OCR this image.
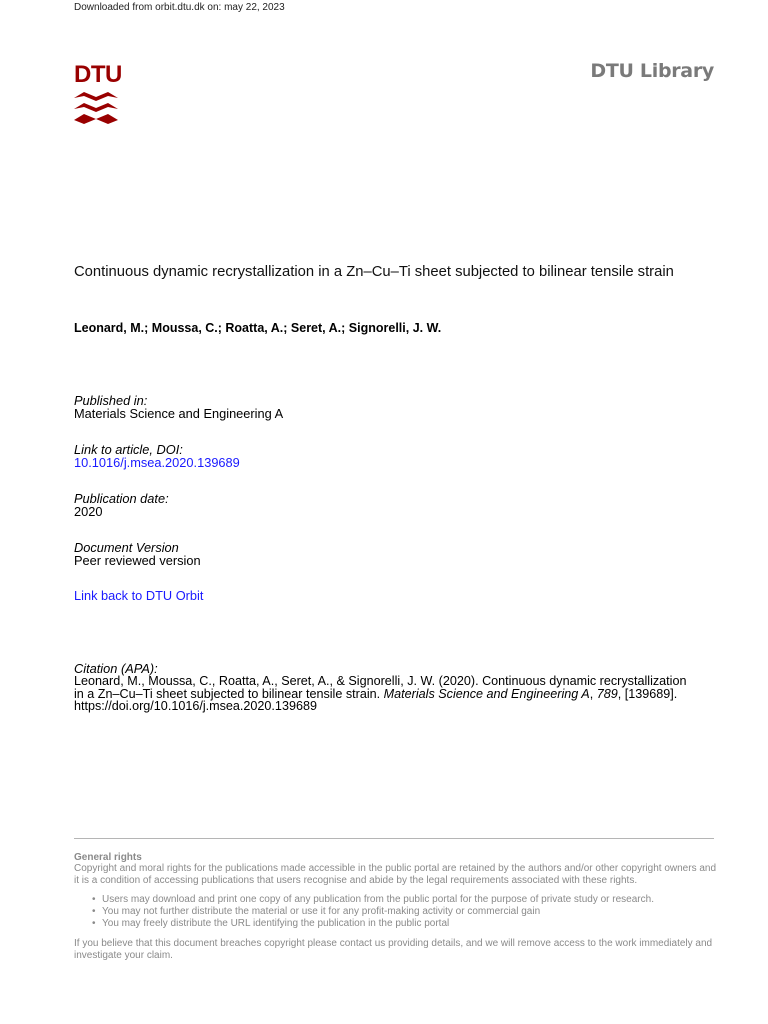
Downloaded from orbit.dtu.dk on: may 22, 2023
DTU	DTU Library
Continuous dynamic recrystallization in a Zn–Cu–Ti sheet subjected to bilinear tensile strain
Leonard, M.; Moussa, C.; Roatta, A.; Seret, A.; Signorelli, J. W.
Published in:
Materials Science and Engineering A
Link to article, DOI:
10.1016/j.msea.2020.139689
Publication date:
2020
Document Version
Peer reviewed version
Link back to DTU Orbit
Citation (APA):
Leonard, M., Moussa, C., Roatta, A., Seret, A., & Signorelli, J. W. (2020). Continuous dynamic recrystallization
in a Zn–Cu–Ti sheet subjected to bilinear tensile strain. Materials Science and Engineering A, 789, [139689].
https://doi.org/10.1016/j.msea.2020.139689
General rights
Copyright and moral rights for the publications made accessible in the public portal are retained by the authors and/or other copyright owners and it is a condition of accessing publications that users recognise and abide by the legal requirements associated with these rights.
• Users may download and print one copy of any publication from the public portal for the purpose of private study or research.
• You may not further distribute the material or use it for any profit-making activity or commercial gain
• You may freely distribute the URL identifying the publication in the public portal
If you believe that this document breaches copyright please contact us providing details, and we will remove access to the work immediately and investigate your claim.
